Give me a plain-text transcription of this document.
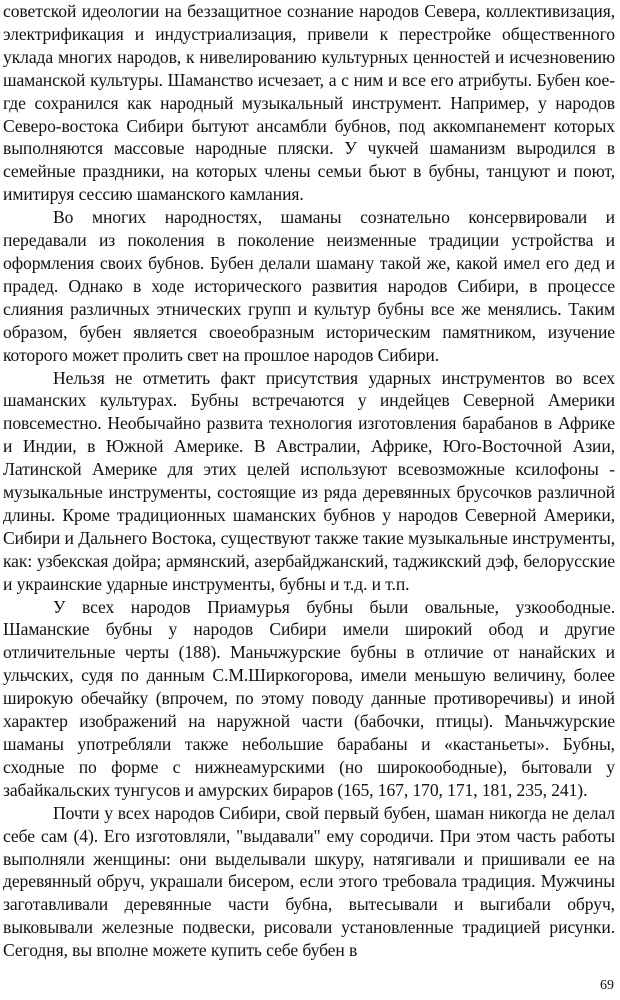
советской идеологии на беззащитное сознание народов Севера, коллективизация, электрификация и индустриализация, привели к перестройке общественного уклада многих народов, к нивелированию культурных ценностей и исчезновению шаманской культуры. Шаманство исчезает, а с ним и все его атрибуты. Бубен кое-где сохранился как народный музыкальный инструмент. Например, у народов Северо-востока Сибири бытуют ансамбли бубнов, под аккомпанемент которых выполняются массовые народные пляски. У чукчей шаманизм выродился в семейные праздники, на которых члены семьи бьют в бубны, танцуют и поют, имитируя сессию шаманского камлания.

Во многих народностях, шаманы сознательно консервировали и передавали из поколения в поколение неизменные традиции устройства и оформления своих бубнов. Бубен делали шаману такой же, какой имел его дед и прадед. Однако в ходе исторического развития народов Сибири, в процессе слияния различных этнических групп и культур бубны все же менялись. Таким образом, бубен является своеобразным историческим памятником, изучение которого может пролить свет на прошлое народов Сибири.

Нельзя не отметить факт присутствия ударных инструментов во всех шаманских культурах. Бубны встречаются у индейцев Северной Америки повсеместно. Необычайно развита технология изготовления барабанов в Африке и Индии, в Южной Америке. В Австралии, Африке, Юго-Восточной Азии, Латинской Америке для этих целей используют всевозможные ксилофоны - музыкальные инструменты, состоящие из ряда деревянных брусочков различной длины. Кроме традиционных шаманских бубнов у народов Северной Америки, Сибири и Дальнего Востока, существуют также такие музыкальные инструменты, как: узбекская дойра; армянский, азербайджанский, таджикский дэф, белорусские и украинские ударные инструменты, бубны и т.д. и т.п.

У всех народов Приамурья бубны были овальные, узкоободные. Шаманские бубны у народов Сибири имели широкий обод и другие отличительные черты (188). Маньчжурские бубны в отличие от нанайских и ульчских, судя по данным С.М.Ширкогорова, имели меньшую величину, более широкую обечайку (впрочем, по этому поводу данные противоречивы) и иной характер изображений на наружной части (бабочки, птицы). Маньчжурские шаманы употребляли также небольшие барабаны и «кастаньеты». Бубны, сходные по форме с нижнеамурскими (но широкоободные), бытовали у забайкальских тунгусов и амурских бираров (165, 167, 170, 171, 181, 235, 241).

Почти у всех народов Сибири, свой первый бубен, шаман никогда не делал себе сам (4). Его изготовляли, "выдавали" ему сородичи. При этом часть работы выполняли женщины: они выделывали шкуру, натягивали и пришивали ее на деревянный обруч, украшали бисером, если этого требовала традиция. Мужчины заготавливали деревянные части бубна, вытесывали и выгибали обруч, выковывали железные подвески, рисовали установленные традицией рисунки. Сегодня, вы вполне можете купить себе бубен в

69
